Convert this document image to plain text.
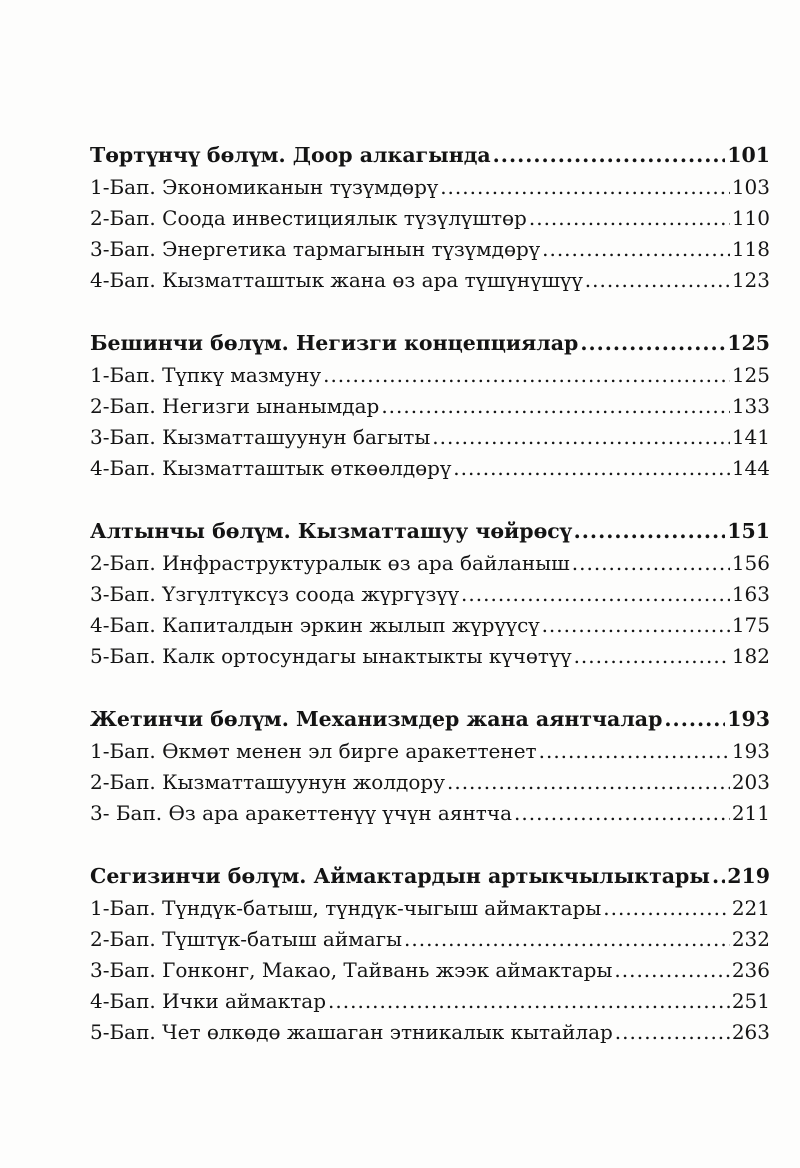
Төртүнчү бөлүм. Доор алкагында .....	101
1-Бап. Экономиканын түзүмдөрү .....	103
2-Бап. Соода инвестициялык түзүлүштөр .....	110
3-Бап. Энергетика тармагынын түзүмдөрү .....	118
4-Бап. Кызматташтык жана өз ара түшүнүшүү .....	123
Бешинчи бөлүм. Негизги концепциялар .....	125
1-Бап. Түпкү мазмуну .....	125
2-Бап. Негизги ынанымдар .....	133
3-Бап. Кызматташуунун багыты .....	141
4-Бап. Кызматташтык өткөөлдөрү .....	144
Алтынчы бөлүм. Кызматташуу чөйрөсү .....	151
2-Бап. Инфраструктуралык өз ара байланыш .....	156
3-Бап. Үзгүлтүксүз соода жүргүзүү .....	163
4-Бап. Капиталдын эркин жылып жүрүүсү .....	175
5-Бап. Калк ортосундагы ынактыкты күчөтүү .....	182
Жетинчи бөлүм. Механизмдер жана аянтчалар .....	193
1-Бап. Өкмөт менен эл бирге аракеттенет .....	193
2-Бап. Кызматташуунун жолдору .....	203
3- Бап. Өз ара аракеттенүү үчүн аянтча .....	211
Сегизинчи бөлүм. Аймактардын артыкчылыктары ..... 219
1-Бап. Түндүк-батыш, түндүк-чыгыш аймактары .....	221
2-Бап. Түштүк-батыш аймагы .....	232
3-Бап. Гонконг, Макао, Тайвань жээк аймактары .....	236
4-Бап. Ички аймактар .....	251
5-Бап. Чет өлкөдө жашаган этникалык кытайлар .....	263
